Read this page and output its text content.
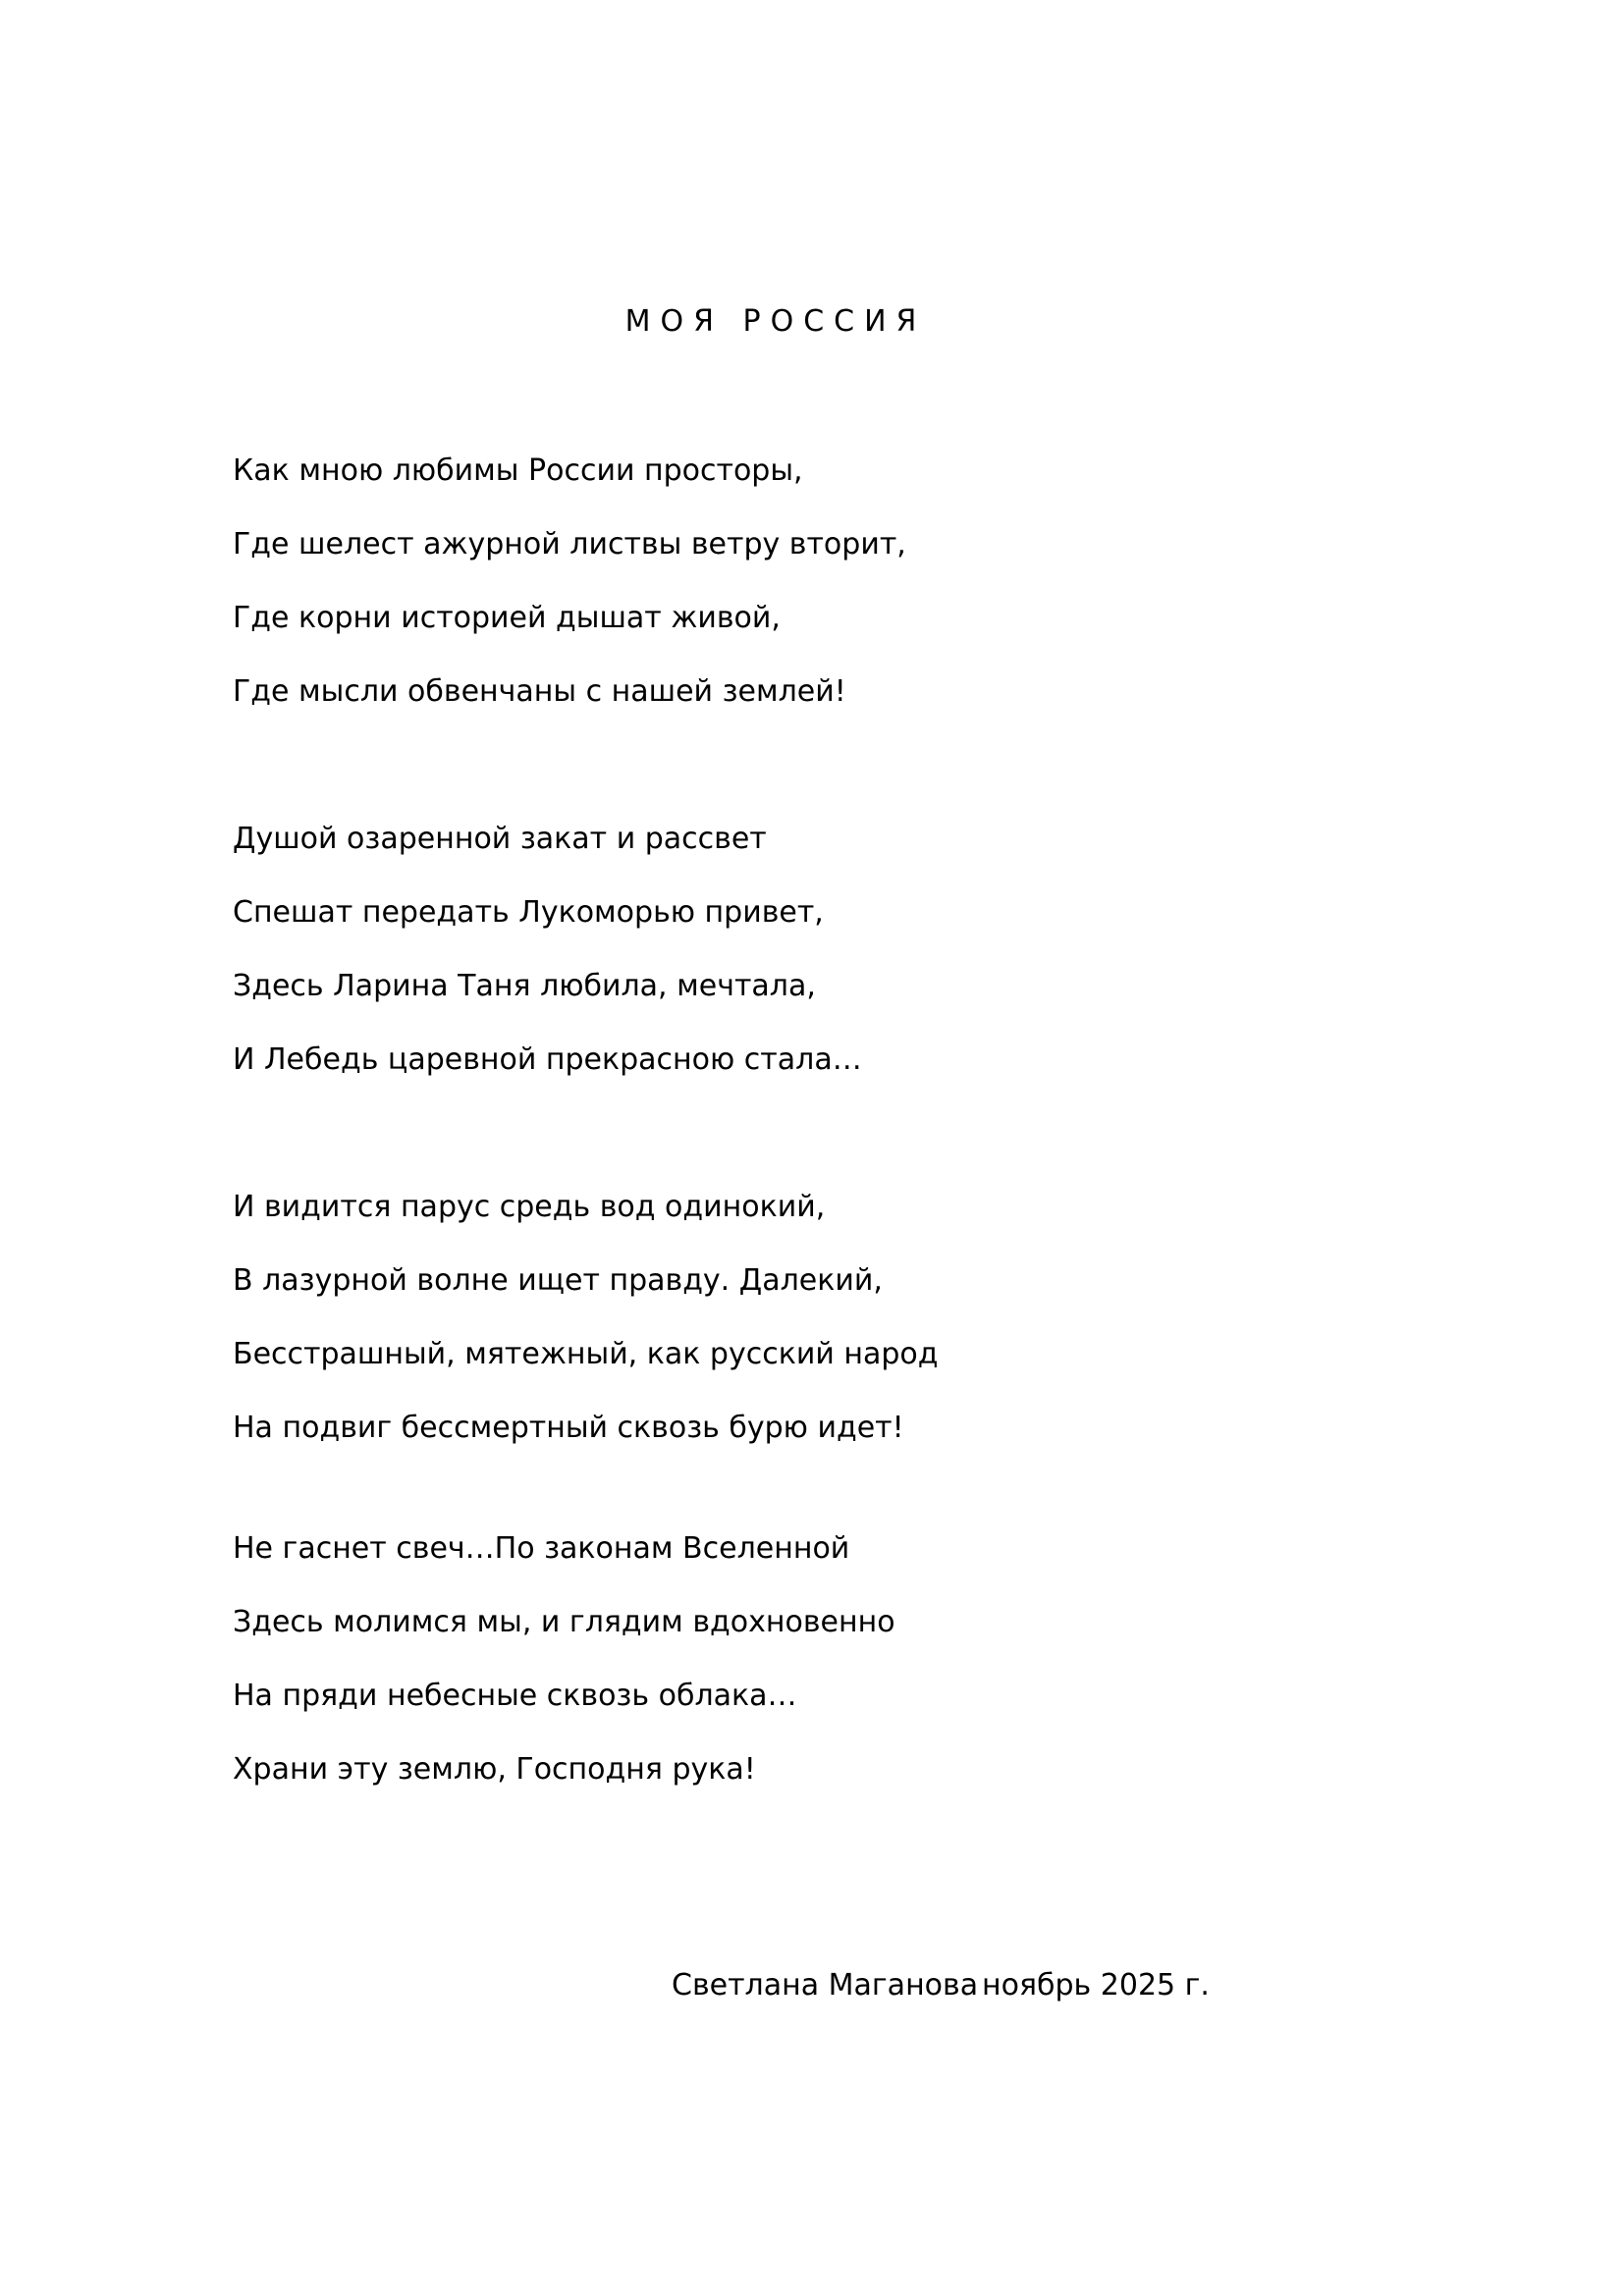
МОЯ РОССИЯ
Как мною любимы России просторы,
Где шелест ажурной листвы ветру вторит,
Где корни историей дышат живой,
Где мысли обвенчаны с нашей землей!
Душой озаренной закат и рассвет
Спешат передать Лукоморью привет,
Здесь Ларина Таня любила, мечтала,
И Лебедь царевной прекрасною стала…
И видится парус средь вод одинокий,
В лазурной волне ищет правду. Далекий,
Бесстрашный, мятежный, как русский народ
На подвиг бессмертный сквозь бурю идет!
Не гаснет свеч…По законам Вселенной
Здесь молимся мы, и глядим вдохновенно
На пряди небесные сквозь облака…
Храни эту землю, Господня рука!
Светлана Маганова ноябрь 2025 г.
